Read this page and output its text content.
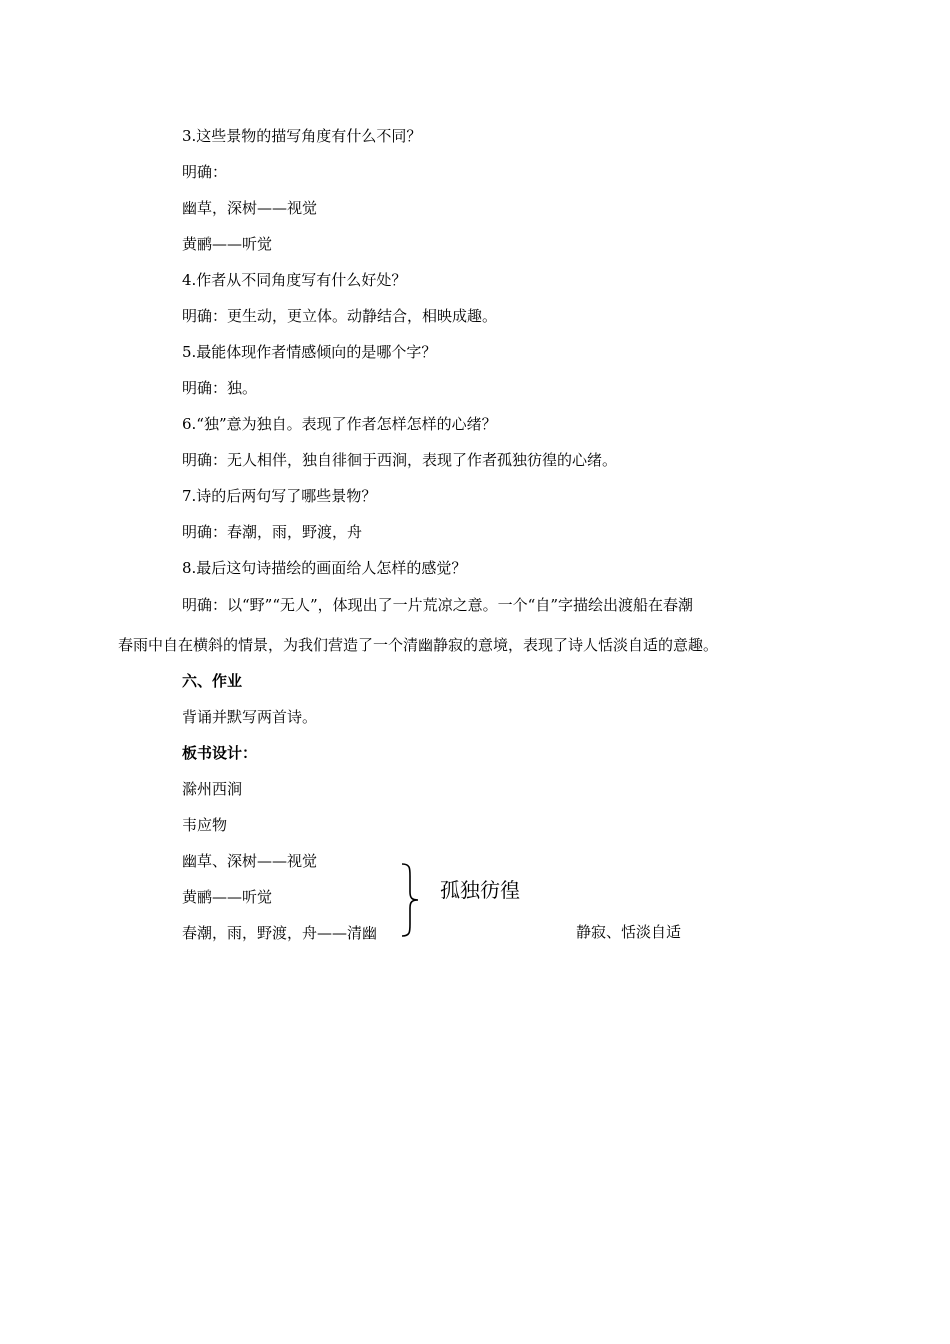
3.这些景物的描写角度有什么不同？
明确：
幽草，深树——视觉
黄鹂——听觉
4.作者从不同角度写有什么好处？
明确：更生动，更立体。动静结合，相映成趣。
5.最能体现作者情感倾向的是哪个字？
明确：独。
6.“独”意为独自。表现了作者怎样怎样的心绪？
明确：无人相伴，独自徘徊于西涧，表现了作者孤独彷徨的心绪。
7.诗的后两句写了哪些景物？
明确：春潮，雨，野渡，舟
8.最后这句诗描绘的画面给人怎样的感觉？
明确：以“野”“无人”，体现出了一片荒凉之意。一个“自”字描绘出渡船在春潮
春雨中自在横斜的情景，为我们营造了一个清幽静寂的意境，表现了诗人恬淡自适的意趣。
六、作业
背诵并默写两首诗。
板书设计：
滁州西涧
韦应物
幽草、深树——视觉
黄鹂——听觉
春潮，雨，野渡，舟——清幽
孤独彷徨
静寂、恬淡自适
